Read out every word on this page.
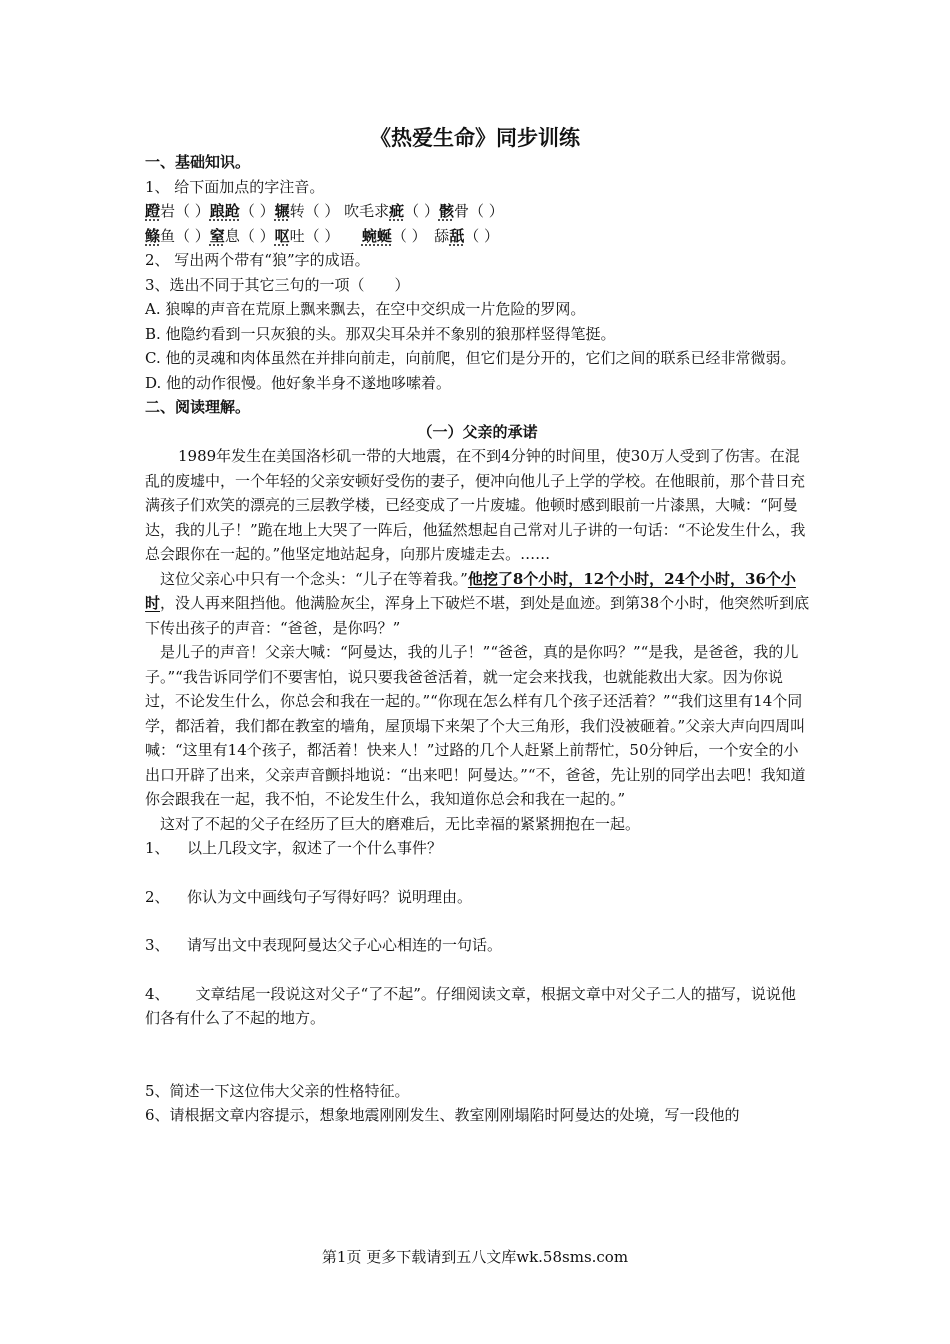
《热爱生命》同步训练

一、基础知识。

1、 给下面加点的字注音。

蹬岩（ ）踉跄（ ）辗转（ ） 吹毛求疵（ ）骸骨（ ）

鲦鱼（ ）窒息（ ）呕吐（ ）　　蜿蜒（ ）　舔舐（ ）

2、 写出两个带有“狼”字的成语。

3、选出不同于其它三句的一项（　　）

A. 狼嗥的声音在荒原上飘来飘去，在空中交织成一片危险的罗网。

B. 他隐约看到一只灰狼的头。那双尖耳朵并不象别的狼那样竖得笔挺。

C. 他的灵魂和肉体虽然在并排向前走，向前爬，但它们是分开的，它们之间的联系已经非常微弱。

D. 他的动作很慢。他好象半身不遂地哆嗦着。

二、阅读理解。

（一）父亲的承诺

1989年发生在美国洛杉矶一带的大地震，在不到4分钟的时间里，使30万人受到了伤害。在混乱的废墟中，一个年轻的父亲安顿好受伤的妻子，便冲向他儿子上学的学校。在他眼前，那个昔日充满孩子们欢笑的漂亮的三层教学楼，已经变成了一片废墟。他顿时感到眼前一片漆黑，大喊：“阿曼达，我的儿子！”跪在地上大哭了一阵后，他猛然想起自己常对儿子讲的一句话：“不论发生什么，我总会跟你在一起的。”他坚定地站起身，向那片废墟走去。……

这位父亲心中只有一个念头：“儿子在等着我。”他挖了8个小时，12个小时，24个小时，36个小时，没人再来阻挡他。他满脸灰尘，浑身上下破烂不堪，到处是血迹。到第38个小时，他突然听到底下传出孩子的声音：“爸爸，是你吗？”

是儿子的声音！父亲大喊：“阿曼达，我的儿子！”“爸爸，真的是你吗？”“是我，是爸爸，我的儿子。”“我告诉同学们不要害怕，说只要我爸爸活着，就一定会来找我，也就能救出大家。因为你说过，不论发生什么，你总会和我在一起的。”“你现在怎么样有几个孩子还活着？”“我们这里有14个同学，都活着，我们都在教室的墙角，屋顶塌下来架了个大三角形，我们没被砸着。”父亲大声向四周叫喊：“这里有14个孩子，都活着！快来人！”过路的几个人赶紧上前帮忙，50分钟后，一个安全的小出口开辟了出来，父亲声音颤抖地说：“出来吧！阿曼达。”“不，爸爸，先让别的同学出去吧！我知道你会跟我在一起，我不怕，不论发生什么，我知道你总会和我在一起的。”

这对了不起的父子在经历了巨大的磨难后，无比幸福的紧紧拥抱在一起。

1、	以上几段文字，叙述了一个什么事件？
2、	你认为文中画线句子写得好吗？说明理由。
3、	请写出文中表现阿曼达父子心心相连的一句话。

4、 文章结尾一段说这对父子“了不起”。仔细阅读文章，根据文章中对父子二人的描写，说说他们各有什么了不起的地方。

5、简述一下这位伟大父亲的性格特征。

6、请根据文章内容提示，想象地震刚刚发生、教室刚刚塌陷时阿曼达的处境，写一段他的

第1页 更多下载请到五八文库wk.58sms.com
